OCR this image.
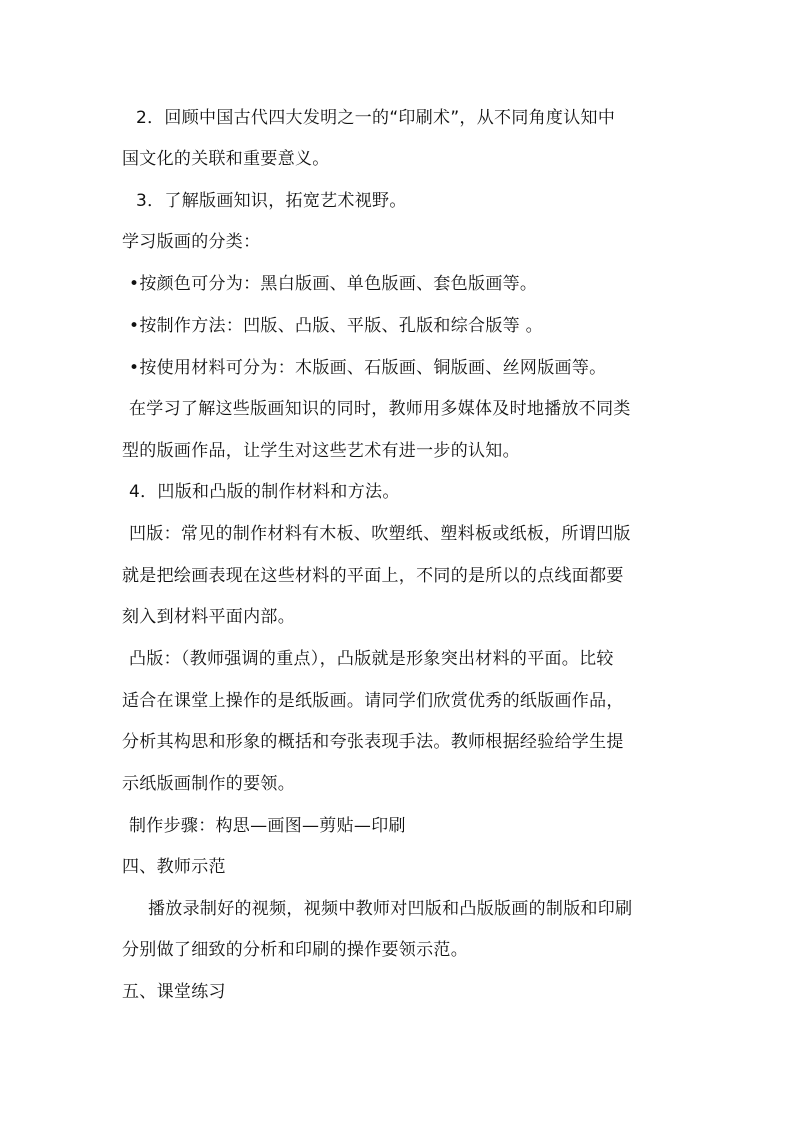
2．回顾中国古代四大发明之一的“印刷术”，从不同角度认知中
国文化的关联和重要意义。
3．了解版画知识，拓宽艺术视野。
学习版画的分类：
•按颜色可分为：黑白版画、单色版画、套色版画等。
•按制作方法：凹版、凸版、平版、孔版和综合版等 。
•按使用材料可分为：木版画、石版画、铜版画、丝网版画等。
在学习了解这些版画知识的同时，教师用多媒体及时地播放不同类
型的版画作品，让学生对这些艺术有进一步的认知。
4．凹版和凸版的制作材料和方法。
凹版：常见的制作材料有木板、吹塑纸、塑料板或纸板，所谓凹版
就是把绘画表现在这些材料的平面上，不同的是所以的点线面都要
刻入到材料平面内部。
凸版：（教师强调的重点），凸版就是形象突出材料的平面。比较
适合在课堂上操作的是纸版画。请同学们欣赏优秀的纸版画作品，
分析其构思和形象的概括和夸张表现手法。教师根据经验给学生提
示纸版画制作的要领。
制作步骤：构思—画图—剪贴—印刷
四、教师示范
播放录制好的视频，视频中教师对凹版和凸版版画的制版和印刷
分别做了细致的分析和印刷的操作要领示范。
五、课堂练习
